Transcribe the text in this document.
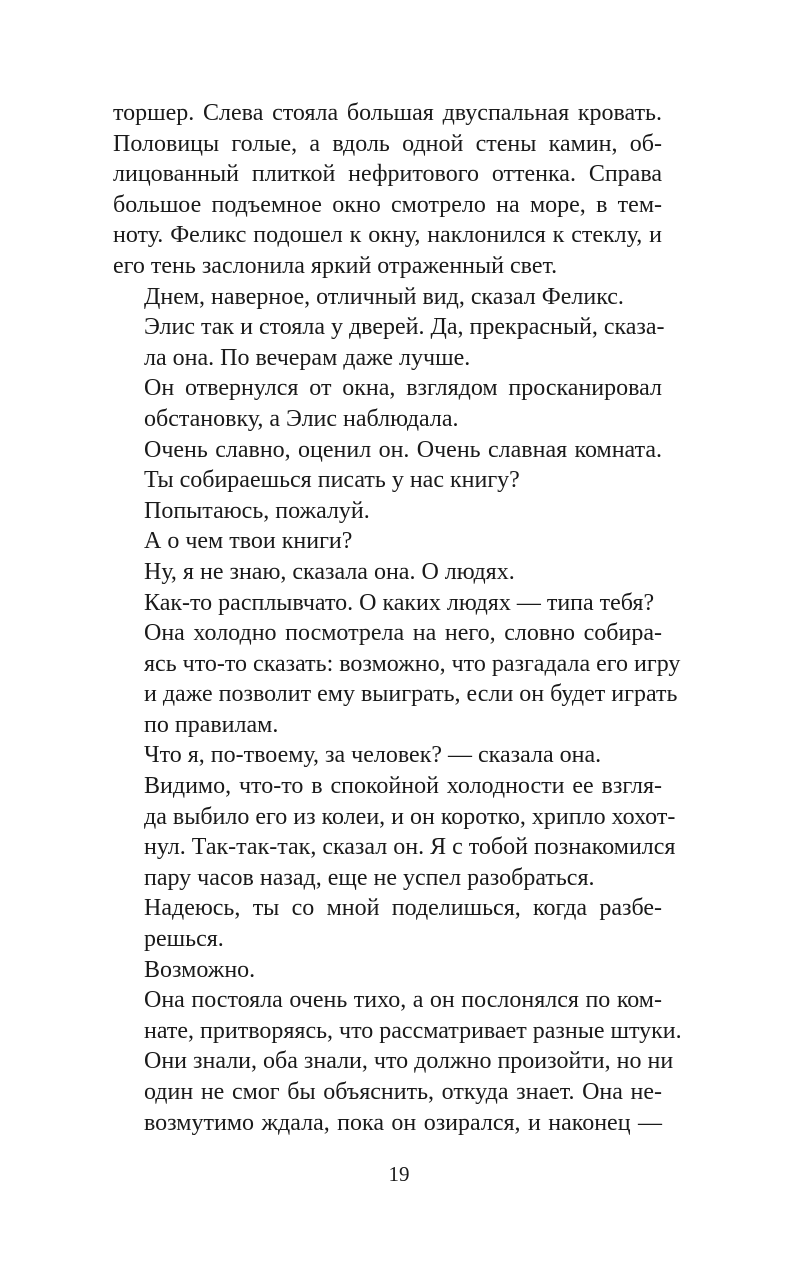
торшер. Слева стояла большая двуспальная кровать.
Половицы голые, а вдоль одной стены камин, об-
лицованный плиткой нефритового оттенка. Справа
большое подъемное окно смотрело на море, в тем-
ноту. Феликс подошел к окну, наклонился к стеклу, и
его тень заслонила яркий отраженный свет.
Днем, наверное, отличный вид, сказал Феликс.
Элис так и стояла у дверей. Да, прекрасный, сказа-
ла она. По вечерам даже лучше.
Он отвернулся от окна, взглядом просканировал
обстановку, а Элис наблюдала.
Очень славно, оценил он. Очень славная комната.
Ты собираешься писать у нас книгу?
Попытаюсь, пожалуй.
А о чем твои книги?
Ну, я не знаю, сказала она. О людях.
Как-то расплывчато. О каких людях — типа тебя?
Она холодно посмотрела на него, словно собира-
ясь что-то сказать: возможно, что разгадала его игру
и даже позволит ему выиграть, если он будет играть
по правилам.
Что я, по-твоему, за человек? — сказала она.
Видимо, что-то в спокойной холодности ее взгля-
да выбило его из колеи, и он коротко, хрипло хохот-
нул. Так-так-так, сказал он. Я с тобой познакомился
пару часов назад, еще не успел разобраться.
Надеюсь, ты со мной поделишься, когда разбе-
решься.
Возможно.
Она постояла очень тихо, а он послонялся по ком-
нате, притворяясь, что рассматривает разные штуки.
Они знали, оба знали, что должно произойти, но ни
один не смог бы объяснить, откуда знает. Она не-
возмутимо ждала, пока он озирался, и наконец —
19
